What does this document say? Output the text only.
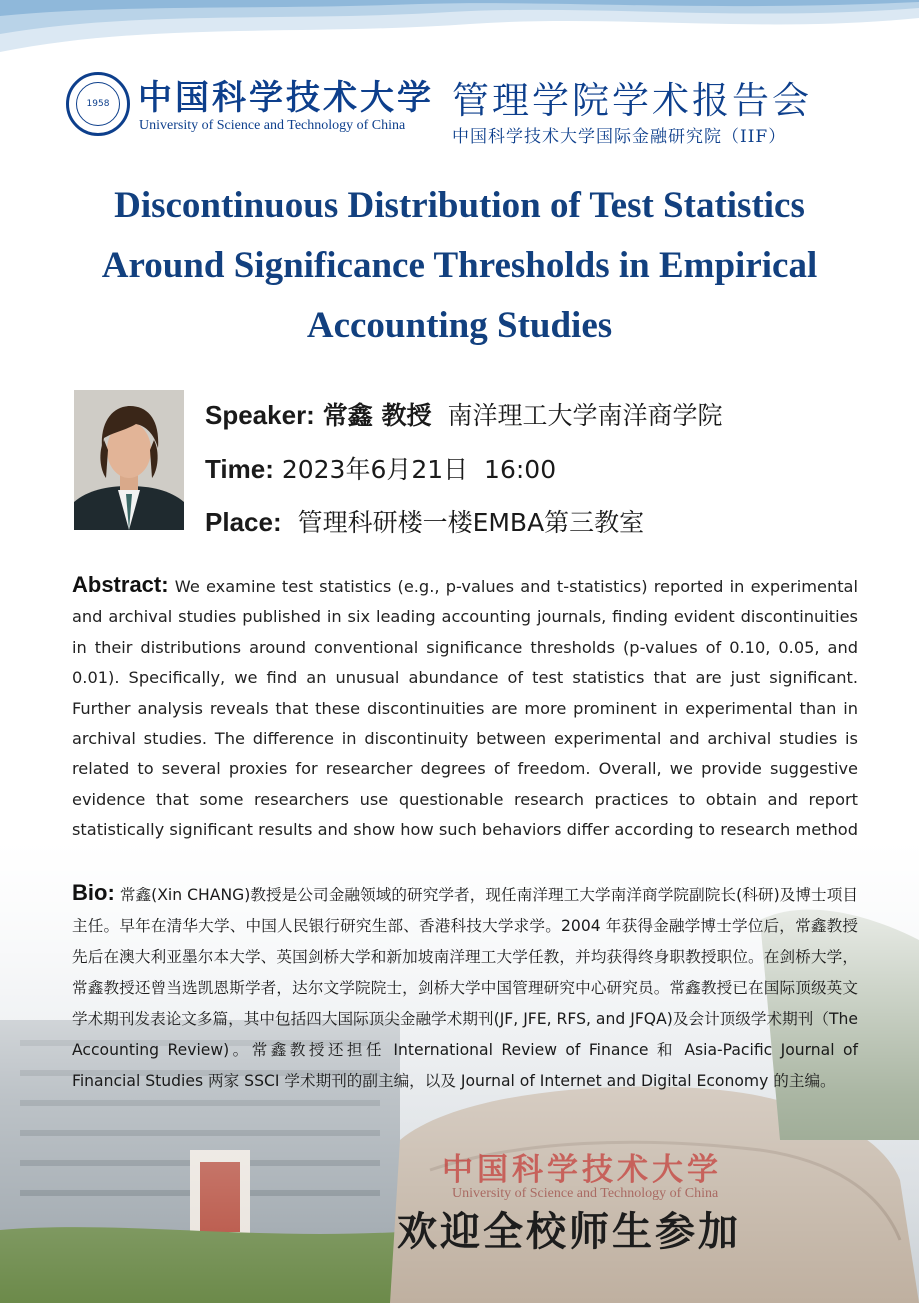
1958 中国科学技术大学
University of Science and Technology of China
管理学院学术报告会
中国科学技术大学国际金融研究院（IIF）
Discontinuous Distribution of Test Statistics
Around Significance Thresholds in Empirical
Accounting Studies
Speaker: 常鑫 教授 南洋理工大学南洋商学院
Time: 2023年6月21日  16:00
Place: 管理科研楼一楼EMBA第三教室
Abstract: We examine test statistics (e.g., p-values and t-statistics) reported in experimental and archival studies published in six leading accounting journals, finding evident discontinuities in their distributions around conventional significance thresholds (p-values of 0.10, 0.05, and 0.01). Specifically, we find an unusual abundance of test statistics that are just significant. Further analysis reveals that these discontinuities are more prominent in experimental than in archival studies. The difference in discontinuity between experimental and archival studies is related to several proxies for researcher degrees of freedom. Overall, we provide suggestive evidence that some researchers use questionable research practices to obtain and report statistically significant results and show how such behaviors differ according to research method
Bio: 常鑫(Xin CHANG)教授是公司金融领域的研究学者，现任南洋理工大学南洋商学院副院长(科研)及博士项目主任。早年在清华大学、中国人民银行研究生部、香港科技大学求学。2004 年获得金融学博士学位后，常鑫教授先后在澳大利亚墨尔本大学、英国剑桥大学和新加坡南洋理工大学任教，并均获得终身职教授职位。在剑桥大学，常鑫教授还曾当选凯恩斯学者，达尔文学院院士，剑桥大学中国管理研究中心研究员。常鑫教授已在国际顶级英文学术期刊发表论文多篇，其中包括四大国际顶尖金融学术期刊(JF, JFE, RFS, and JFQA)及会计顶级学术期刊（The Accounting Review)。常鑫教授还担任 International Review of Finance 和 Asia-Pacific Journal of Financial Studies 两家 SSCI 学术期刊的副主编，以及 Journal of Internet and Digital Economy 的主编。
中国科学技术大学
University of Science and Technology of China
欢迎全校师生参加
